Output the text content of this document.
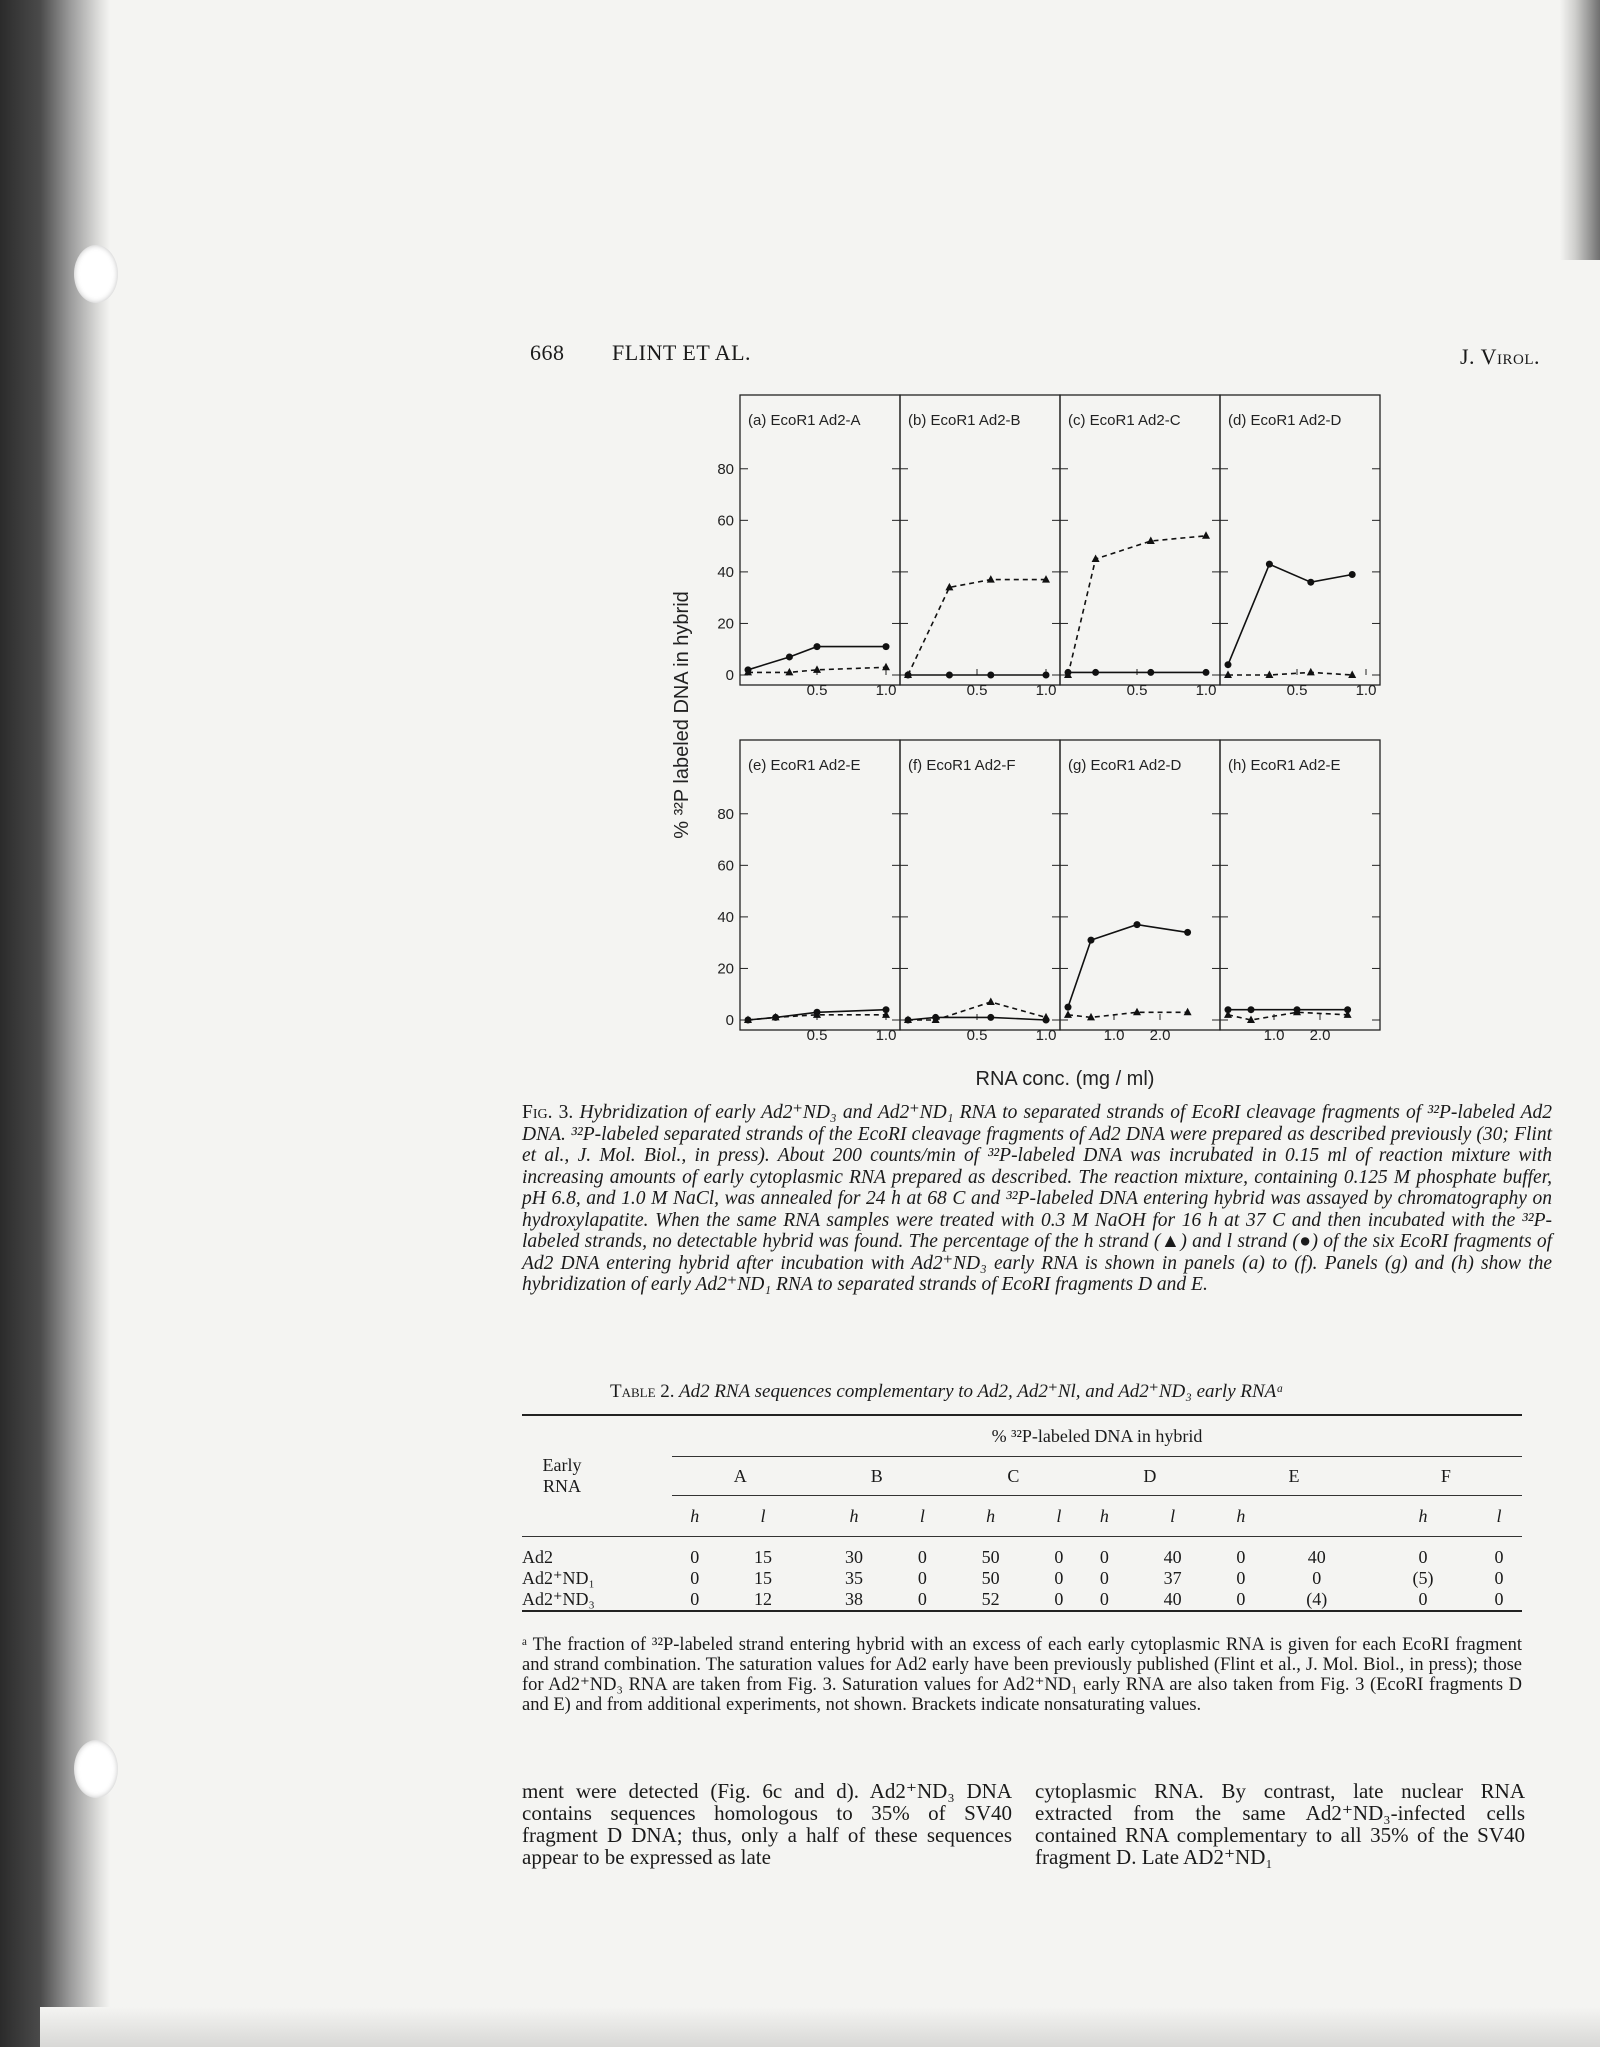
668 FLINT ET AL.	J. Virol.
(a) EcoR1 Ad2-A
0
20
40
60
80
0.5	1.0
(b) EcoR1 Ad2-B
0.5	1.0
(c) EcoR1 Ad2-C
0.5	1.0
(d) EcoR1 Ad2-D
0.5	1.0
(e) EcoR1 Ad2-E
0
20
40
60
80
0.5	1.0
(f) EcoR1 Ad2-F
0.5	1.0
(g) EcoR1 Ad2-D
1.0 2.0
(h) EcoR1 Ad2-E
1.0 2.0
% ³²P labeled DNA in hybrid
RNA conc. (mg / ml)
Fig. 3. Hybridization of early Ad2⁺ND₃ and Ad2⁺ND₁ RNA to separated strands of EcoRI cleavage fragments of ³²P-labeled Ad2 DNA. ³²P-labeled separated strands of the EcoRI cleavage fragments of Ad2 DNA were prepared as described previously (30; Flint et al., J. Mol. Biol., in press). About 200 counts/min of ³²P-labeled DNA was incrubated in 0.15 ml of reaction mixture with increasing amounts of early cytoplasmic RNA prepared as described. The reaction mixture, containing 0.125 M phosphate buffer, pH 6.8, and 1.0 M NaCl, was annealed for 24 h at 68 C and ³²P-labeled DNA entering hybrid was assayed by chromatography on hydroxylapatite. When the same RNA samples were treated with 0.3 M NaOH for 16 h at 37 C and then incubated with the ³²P-labeled strands, no detectable hybrid was found. The percentage of the h strand (▲) and l strand (●) of the six EcoRI fragments of Ad2 DNA entering hybrid after incubation with Ad2⁺ND₃ early RNA is shown in panels (a) to (f). Panels (g) and (h) show the hybridization of early Ad2⁺ND₁ RNA to separated strands of EcoRI fragments D and E.
Table 2. Ad2 RNA sequences complementary to Ad2, Ad2⁺Nl, and Ad2⁺ND₃ early RNAᵃ
Early RNA	% ³²P-labeled DNA in hybrid											
	A		B		C		D		E		F	
	h	l	h	l	h	l	h	l	h		h	l
Ad2	0	15	30	0	50	0	0	40	0	40	0	0
Ad2⁺ND₁	0	15	35	0	50	0	0	37	0	0	(5)	0
Ad2⁺ND₃	0	12	38	0	52	0	0	40	0	(4)	0	0
ᵃ The fraction of ³²P-labeled strand entering hybrid with an excess of each early cytoplasmic RNA is given for each EcoRI fragment and strand combination. The saturation values for Ad2 early have been previously published (Flint et al., J. Mol. Biol., in press); those for Ad2⁺ND₃ RNA are taken from Fig. 3. Saturation values for Ad2⁺ND₁ early RNA are also taken from Fig. 3 (EcoRI fragments D and E) and from additional experiments, not shown. Brackets indicate nonsaturating values.
ment were detected (Fig. 6c and d). Ad2⁺ND₃ DNA contains sequences homologous to 35% of SV40 fragment D DNA; thus, only a half of these sequences appear to be expressed as late
cytoplasmic RNA. By contrast, late nuclear RNA extracted from the same Ad2⁺ND₃-infected cells contained RNA complementary to all 35% of the SV40 fragment D. Late AD2⁺ND₁
